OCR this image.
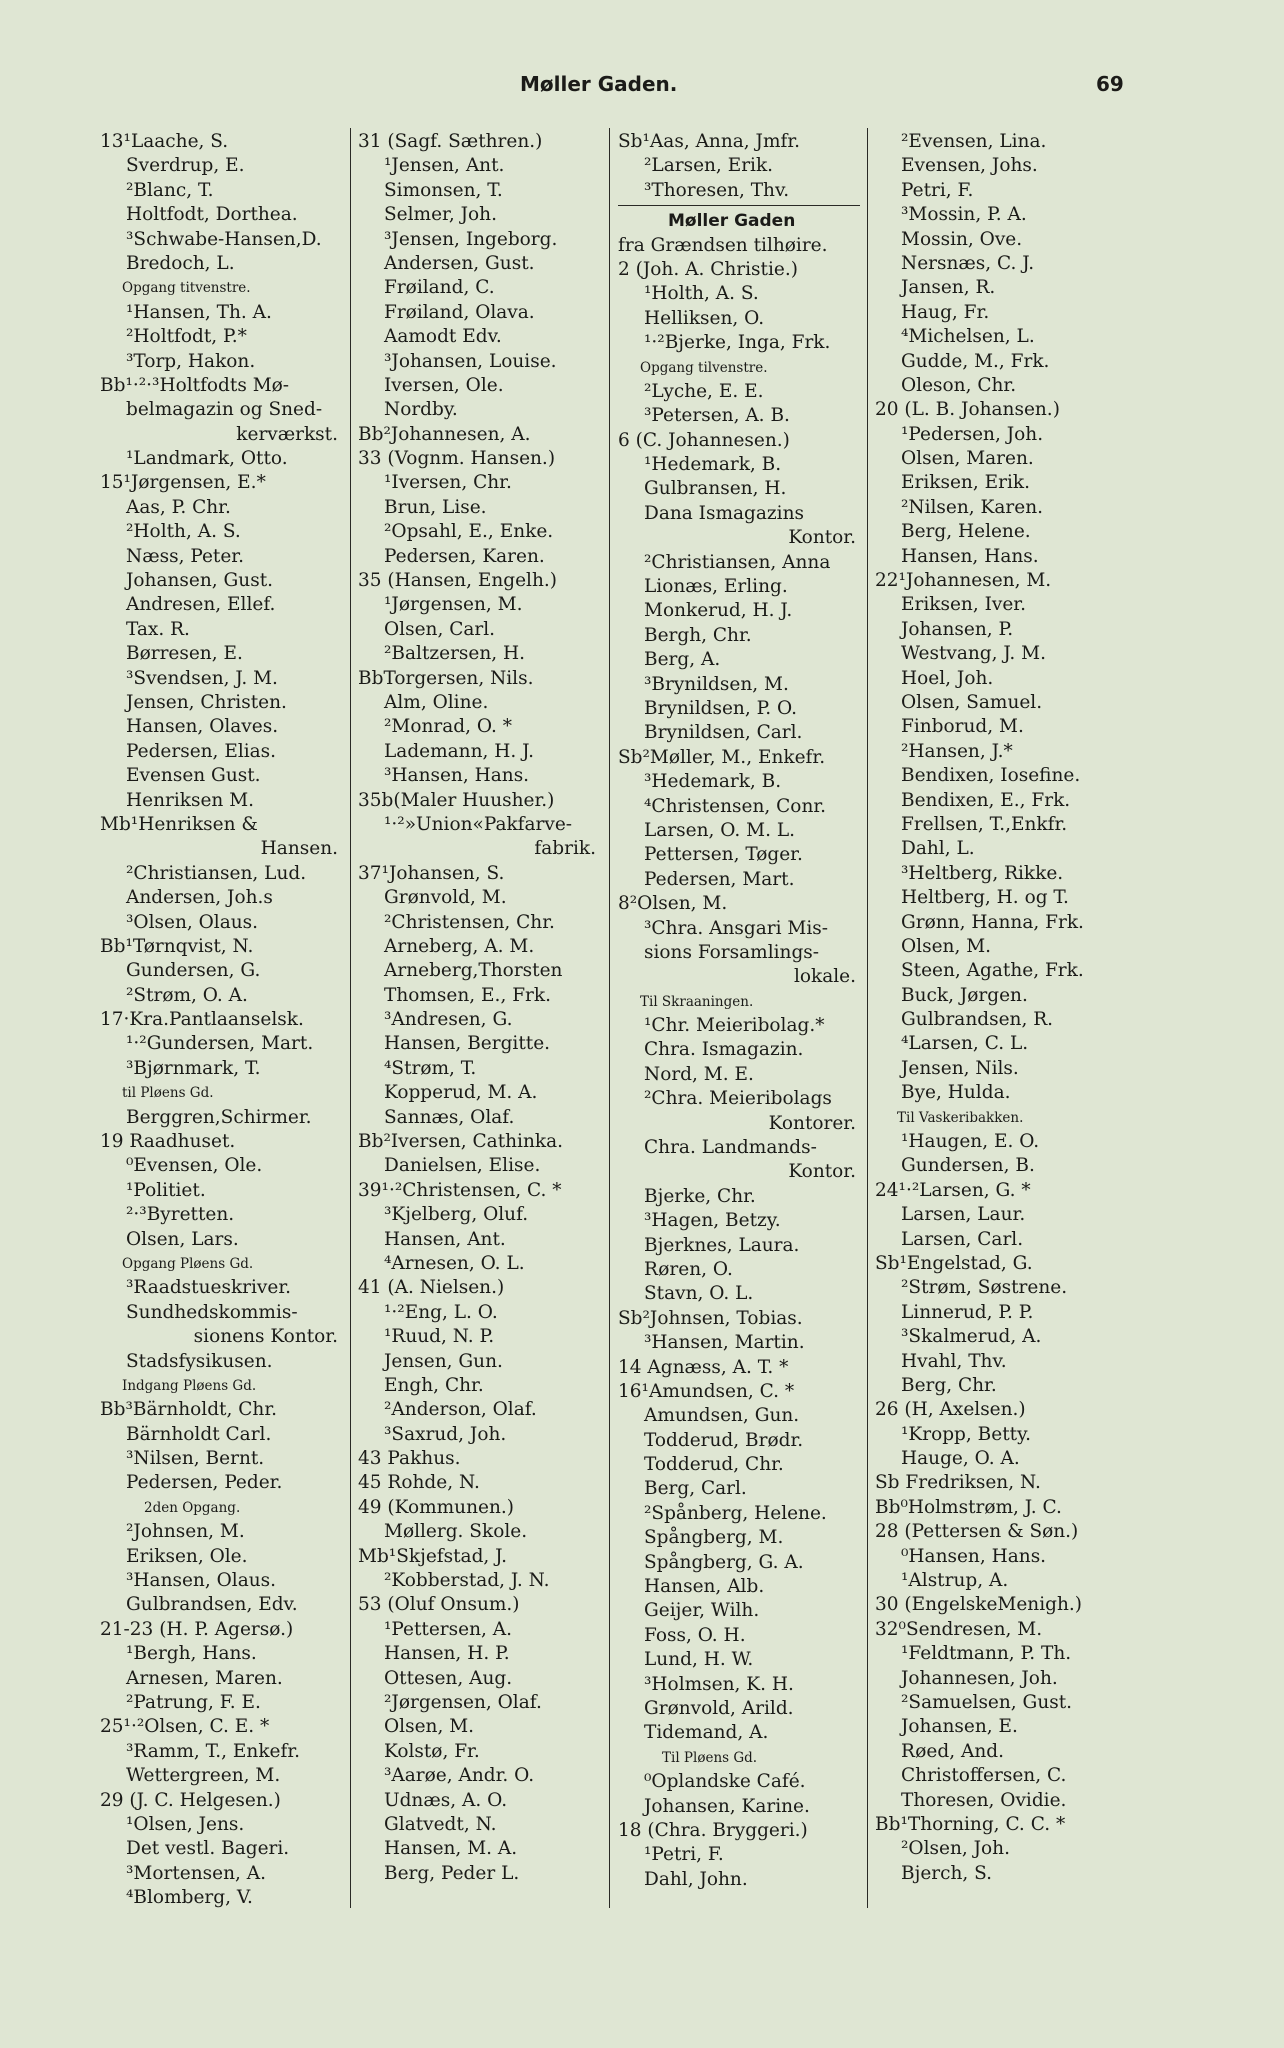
Møller Gaden.	69
13¹Laache, S.
Sverdrup, E.
²Blanc, T.
Holtfodt, Dorthea.
³Schwabe-Hansen,D.
Bredoch, L.
Opgang titvenstre.
¹Hansen, Th. A.
²Holtfodt, P.*
³Torp, Hakon.
Bb¹·²·³Holtfodts Mø-
belmagazin og Sned-
kerværkst.
¹Landmark, Otto.
15¹Jørgensen, E.*
Aas, P. Chr.
²Holth, A. S.
Næss, Peter.
Johansen, Gust.
Andresen, Ellef.
Tax. R.
Børresen, E.
³Svendsen, J. M.
Jensen, Christen.
Hansen, Olaves.
Pedersen, Elias.
Evensen Gust.
Henriksen M.
Mb¹Henriksen &
Hansen.
²Christiansen, Lud.
Andersen, Joh.s
³Olsen, Olaus.
Bb¹Tørnqvist, N.
Gundersen, G.
²Strøm, O. A.
17·Kra.Pantlaanselsk.
¹·²Gundersen, Mart.
³Bjørnmark, T.
til Pløens Gd.
Berggren,Schirmer.
19 Raadhuset.
⁰Evensen, Ole.
¹Politiet.
²·³Byretten.
Olsen, Lars.
Opgang Pløens Gd.
³Raadstueskriver.
Sundhedskommis-
sionens Kontor.
Stadsfysikusen.
Indgang Pløens Gd.
Bb³Bärnholdt, Chr.
Bärnholdt Carl.
³Nilsen, Bernt.
Pedersen, Peder.
2den Opgang.
²Johnsen, M.
Eriksen, Ole.
³Hansen, Olaus.
Gulbrandsen, Edv.
21-23 (H. P. Agersø.)
¹Bergh, Hans.
Arnesen, Maren.
²Patrung, F. E.
25¹·²Olsen, C. E. *
³Ramm, T., Enkefr.
Wettergreen, M.
29 (J. C. Helgesen.)
¹Olsen, Jens.
Det vestl. Bageri.
³Mortensen, A.
⁴Blomberg, V.
31 (Sagf. Sæthren.)
¹Jensen, Ant.
Simonsen, T.
Selmer, Joh.
³Jensen, Ingeborg.
Andersen, Gust.
Frøiland, C.
Frøiland, Olava.
Aamodt Edv.
³Johansen, Louise.
Iversen, Ole.
Nordby.
Bb²Johannesen, A.
33 (Vognm. Hansen.)
¹Iversen, Chr.
Brun, Lise.
²Opsahl, E., Enke.
Pedersen, Karen.
35 (Hansen, Engelh.)
¹Jørgensen, M.
Olsen, Carl.
²Baltzersen, H.
BbTorgersen, Nils.
Alm, Oline.
²Monrad, O. *
Lademann, H. J.
³Hansen, Hans.
35b(Maler Huusher.)
¹·²»Union«Pakfarve-
fabrik.
37¹Johansen, S.
Grønvold, M.
²Christensen, Chr.
Arneberg, A. M.
Arneberg,Thorsten
Thomsen, E., Frk.
³Andresen, G.
Hansen, Bergitte.
⁴Strøm, T.
Kopperud, M. A.
Sannæs, Olaf.
Bb²Iversen, Cathinka.
Danielsen, Elise.
39¹·²Christensen, C. *
³Kjelberg, Oluf.
Hansen, Ant.
⁴Arnesen, O. L.
41 (A. Nielsen.)
¹·²Eng, L. O.
¹Ruud, N. P.
Jensen, Gun.
Engh, Chr.
²Anderson, Olaf.
³Saxrud, Joh.
43 Pakhus.
45 Rohde, N.
49 (Kommunen.)
Møllerg. Skole.
Mb¹Skjefstad, J.
²Kobberstad, J. N.
53 (Oluf Onsum.)
¹Pettersen, A.
Hansen, H. P.
Ottesen, Aug.
²Jørgensen, Olaf.
Olsen, M.
Kolstø, Fr.
³Aarøe, Andr. O.
Udnæs, A. O.
Glatvedt, N.
Hansen, M. A.
Berg, Peder L.
Sb¹Aas, Anna, Jmfr.
²Larsen, Erik.
³Thoresen, Thv.
Møller Gaden
fra Grændsen tilhøire.
2 (Joh. A. Christie.)
¹Holth, A. S.
Helliksen, O.
¹·²Bjerke, Inga, Frk.
Opgang tilvenstre.
²Lyche, E. E.
³Petersen, A. B.
6 (C. Johannesen.)
¹Hedemark, B.
Gulbransen, H.
Dana Ismagazins
Kontor.
²Christiansen, Anna
Lionæs, Erling.
Monkerud, H. J.
Bergh, Chr.
Berg, A.
³Brynildsen, M.
Brynildsen, P. O.
Brynildsen, Carl.
Sb²Møller, M., Enkefr.
³Hedemark, B.
⁴Christensen, Conr.
Larsen, O. M. L.
Pettersen, Tøger.
Pedersen, Mart.
8²Olsen, M.
³Chra. Ansgari Mis-
sions Forsamlings-
lokale.
Til Skraaningen.
¹Chr. Meieribolag.*
Chra. Ismagazin.
Nord, M. E.
²Chra. Meieribolags
Kontorer.
Chra. Landmands-
Kontor.
Bjerke, Chr.
³Hagen, Betzy.
Bjerknes, Laura.
Røren, O.
Stavn, O. L.
Sb²Johnsen, Tobias.
³Hansen, Martin.
14 Agnæss, A. T. *
16¹Amundsen, C. *
Amundsen, Gun.
Todderud, Brødr.
Todderud, Chr.
Berg, Carl.
²Spånberg, Helene.
Spångberg, M.
Spångberg, G. A.
Hansen, Alb.
Geijer, Wilh.
Foss, O. H.
Lund, H. W.
³Holmsen, K. H.
Grønvold, Arild.
Tidemand, A.
Til Pløens Gd.
⁰Oplandske Café.
Johansen, Karine.
18 (Chra. Bryggeri.)
¹Petri, F.
Dahl, John.
²Evensen, Lina.
Evensen, Johs.
Petri, F.
³Mossin, P. A.
Mossin, Ove.
Nersnæs, C. J.
Jansen, R.
Haug, Fr.
⁴Michelsen, L.
Gudde, M., Frk.
Oleson, Chr.
20 (L. B. Johansen.)
¹Pedersen, Joh.
Olsen, Maren.
Eriksen, Erik.
²Nilsen, Karen.
Berg, Helene.
Hansen, Hans.
22¹Johannesen, M.
Eriksen, Iver.
Johansen, P.
Westvang, J. M.
Hoel, Joh.
Olsen, Samuel.
Finborud, M.
²Hansen, J.*
Bendixen, Iosefine.
Bendixen, E., Frk.
Frellsen, T.,Enkfr.
Dahl, L.
³Heltberg, Rikke.
Heltberg, H. og T.
Grønn, Hanna, Frk.
Olsen, M.
Steen, Agathe, Frk.
Buck, Jørgen.
Gulbrandsen, R.
⁴Larsen, C. L.
Jensen, Nils.
Bye, Hulda.
Til Vaskeribakken.
¹Haugen, E. O.
Gundersen, B.
24¹·²Larsen, G. *
Larsen, Laur.
Larsen, Carl.
Sb¹Engelstad, G.
²Strøm, Søstrene.
Linnerud, P. P.
³Skalmerud, A.
Hvahl, Thv.
Berg, Chr.
26 (H, Axelsen.)
¹Kropp, Betty.
Hauge, O. A.
Sb Fredriksen, N.
Bb⁰Holmstrøm, J. C.
28 (Pettersen & Søn.)
⁰Hansen, Hans.
¹Alstrup, A.
30 (EngelskeMenigh.)
32⁰Sendresen, M.
¹Feldtmann, P. Th.
Johannesen, Joh.
²Samuelsen, Gust.
Johansen, E.
Røed, And.
Christoffersen, C.
Thoresen, Ovidie.
Bb¹Thorning, C. C. *
²Olsen, Joh.
Bjerch, S.
